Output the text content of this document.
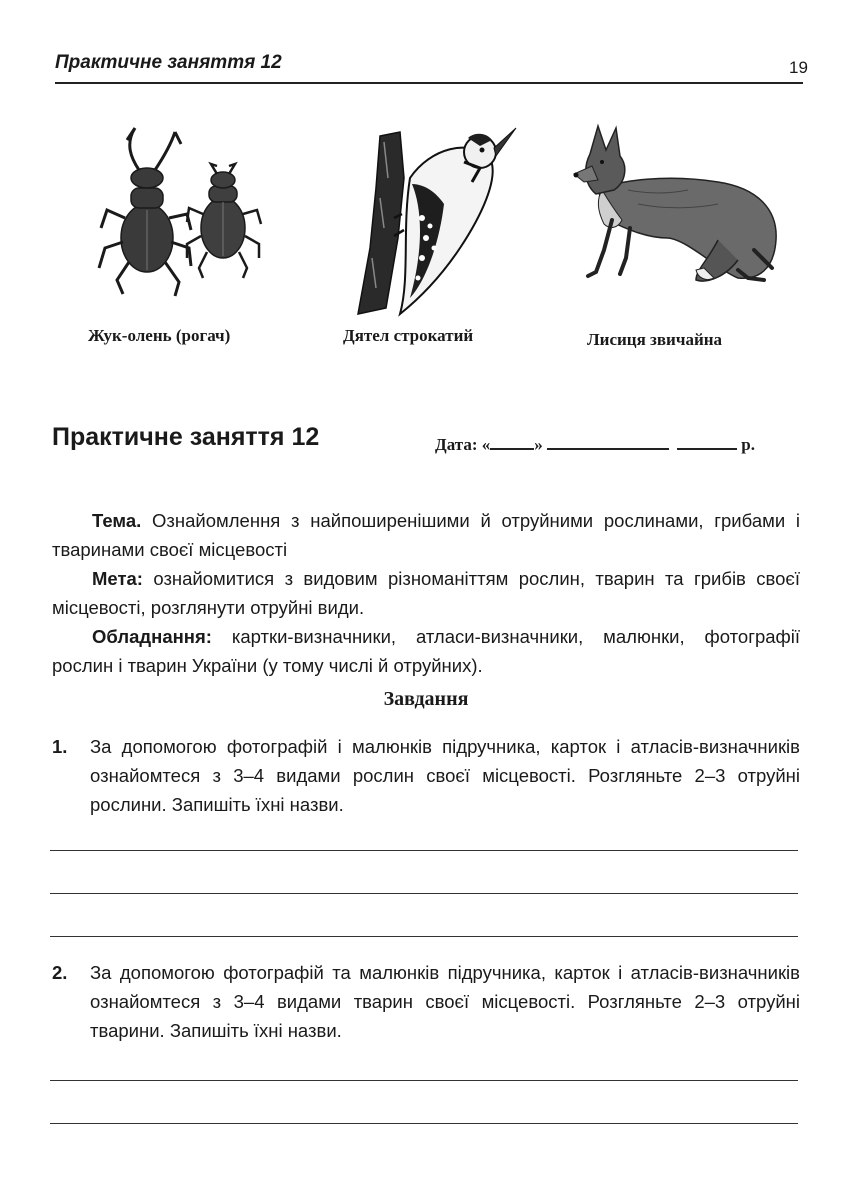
Практичне заняття 12	19
Жук-олень (рогач)	Дятел строкатий	Лисиця звичайна
Практичне заняття 12	Дата: «	»	р.

Тема. Ознайомлення з найпоширенішими й отруйними рослинами, грибами і тваринами своєї місцевості

Мета: ознайомитися з видовим різноманіттям рослин, тварин та грибів своєї місцевості, розглянути отруйні види.

Обладнання: картки-визначники, атласи-визначники, малюнки, фотографії рослин і тварин України (у тому числі й отруйних).

Завдання
1. За допомогою фотографій і малюнків підручника, карток і атласів-визначників ознайомтеся з 3–4 видами рослин своєї місцевості. Розгляньте 2–3 отруйні рослини. Запишіть їхні назви.

2. За допомогою фотографій та малюнків підручника, карток і атласів-визначників ознайомтеся з 3–4 видами тварин своєї місцевості. Розгляньте 2–3 отруйні тварини. Запишіть їхні назви.
